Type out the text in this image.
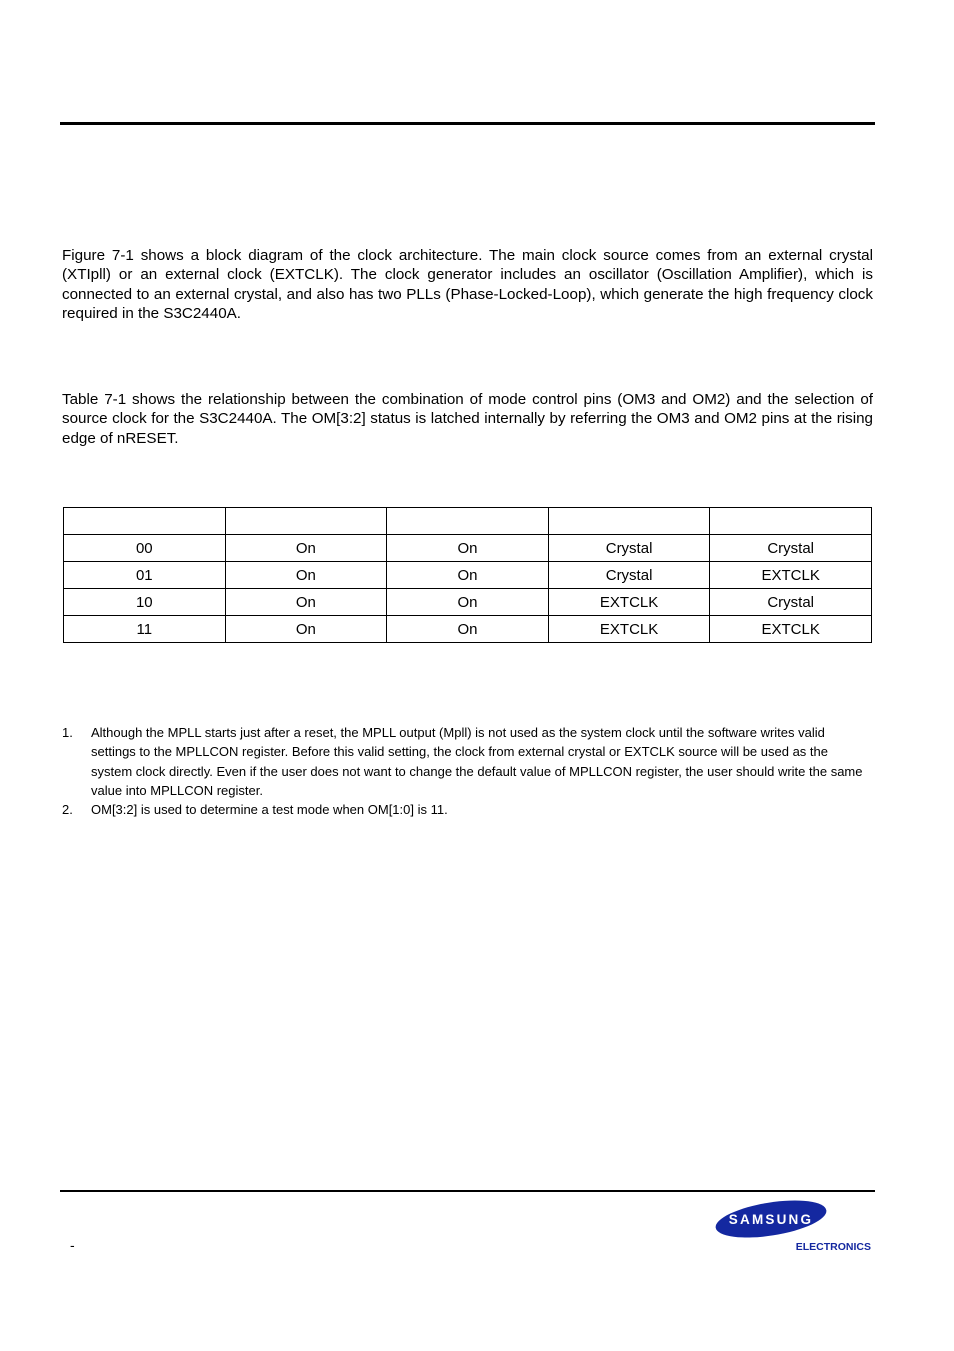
Figure 7-1 shows a block diagram of the clock architecture. The main clock source comes from an external crystal (XTIpll) or an external clock (EXTCLK). The clock generator includes an oscillator (Oscillation Amplifier), which is connected to an external crystal, and also has two PLLs (Phase-Locked-Loop), which generate the high frequency clock required in the S3C2440A.

Table 7-1 shows the relationship between the combination of mode control pins (OM3 and OM2) and the selection of source clock for the S3C2440A. The OM[3:2] status is latched internally by referring the OM3 and OM2 pins at the rising edge of nRESET.

00	On	On	Crystal	Crystal
01	On	On	Crystal	EXTCLK
10	On	On	EXTCLK	Crystal
11	On	On	EXTCLK	EXTCLK
1. Although the MPLL starts just after a reset, the MPLL output (Mpll) is not used as the system clock until the software writes valid settings to the MPLLCON register. Before this valid setting, the clock from external crystal or EXTCLK source will be used as the system clock directly. Even if the user does not want to change the default value of MPLLCON register, the user should write the same value into MPLLCON register.
2. OM[3:2] is used to determine a test mode when OM[1:0] is 11.
-
SAMSUNG
ELECTRONICS
